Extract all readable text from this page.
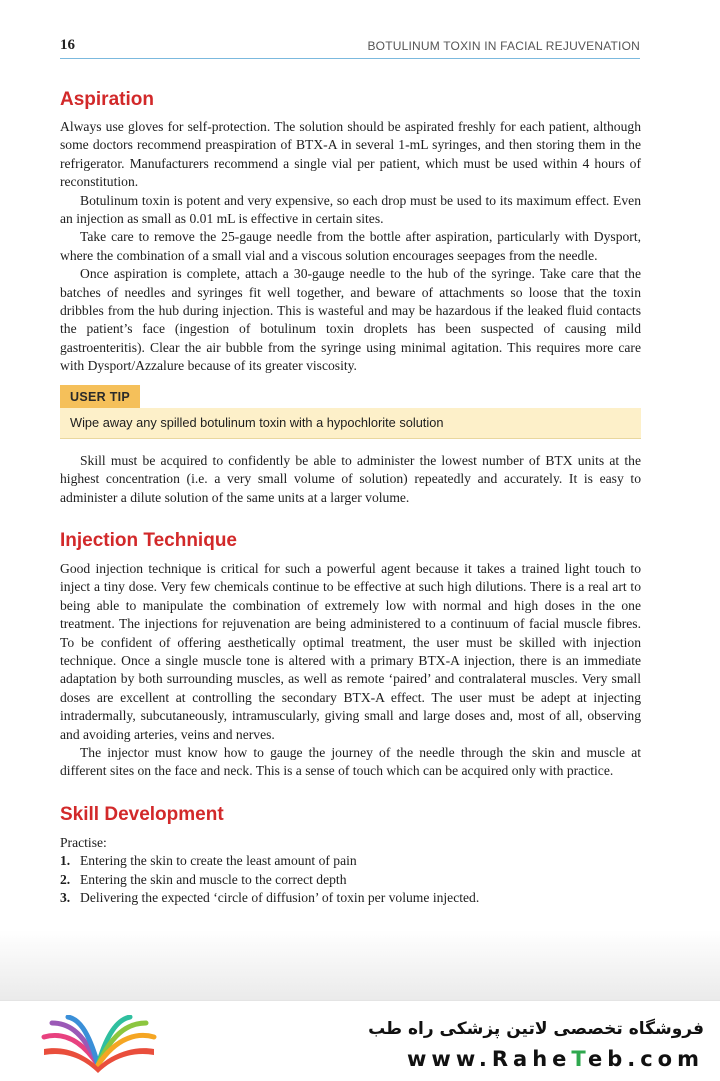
16	BOTULINUM TOXIN IN FACIAL REJUVENATION
Aspiration

Always use gloves for self-protection. The solution should be aspirated freshly for each patient, although some doctors recommend preaspiration of BTX-A in several 1-mL syringes, and then storing them in the refrigerator. Manufacturers recommend a single vial per patient, which must be used within 4 hours of reconstitution.

Botulinum toxin is potent and very expensive, so each drop must be used to its maximum effect. Even an injection as small as 0.01 mL is effective in certain sites.

Take care to remove the 25-gauge needle from the bottle after aspiration, particularly with Dysport, where the combination of a small vial and a viscous solution encourages seepages from the needle.

Once aspiration is complete, attach a 30-gauge needle to the hub of the syringe. Take care that the batches of needles and syringes fit well together, and beware of attachments so loose that the toxin dribbles from the hub during injection. This is wasteful and may be hazardous if the leaked fluid contacts the patient’s face (ingestion of botulinum toxin droplets has been suspected of causing mild gastroenteritis). Clear the air bubble from the syringe using minimal agitation. This requires more care with Dysport/Azzalure because of its greater viscosity.

USER TIP
Wipe away any spilled botulinum toxin with a hypochlorite solution

Skill must be acquired to confidently be able to administer the lowest number of BTX units at the highest concentration (i.e. a very small volume of solution) repeatedly and accurately. It is easy to administer a dilute solution of the same units at a larger volume.

Injection Technique

Good injection technique is critical for such a powerful agent because it takes a trained light touch to inject a tiny dose. Very few chemicals continue to be effective at such high dilutions. There is a real art to being able to manipulate the combination of extremely low with normal and high doses in the one treatment. The injections for rejuvenation are being administered to a continuum of facial muscle fibres. To be confident of offering aesthetically optimal treatment, the user must be skilled with injection technique. Once a single muscle tone is altered with a primary BTX-A injection, there is an immediate adaptation by both surrounding muscles, as well as remote ‘paired’ and contralateral muscles. Very small doses are excellent at controlling the secondary BTX-A effect. The user must be adept at injecting intradermally, subcutaneously, intramuscularly, giving small and large doses and, most of all, observing and avoiding arteries, veins and nerves.

The injector must know how to gauge the journey of the needle through the skin and muscle at different sites on the face and neck. This is a sense of touch which can be acquired only with practice.

Skill Development

Practise:

1. Entering the skin to create the least amount of pain
2. Entering the skin and muscle to the correct depth
3. Delivering the expected ‘circle of diffusion’ of toxin per volume injected.
فروشگاه تخصصی لاتین پزشکی راه طب
www.RaheTeb.com
